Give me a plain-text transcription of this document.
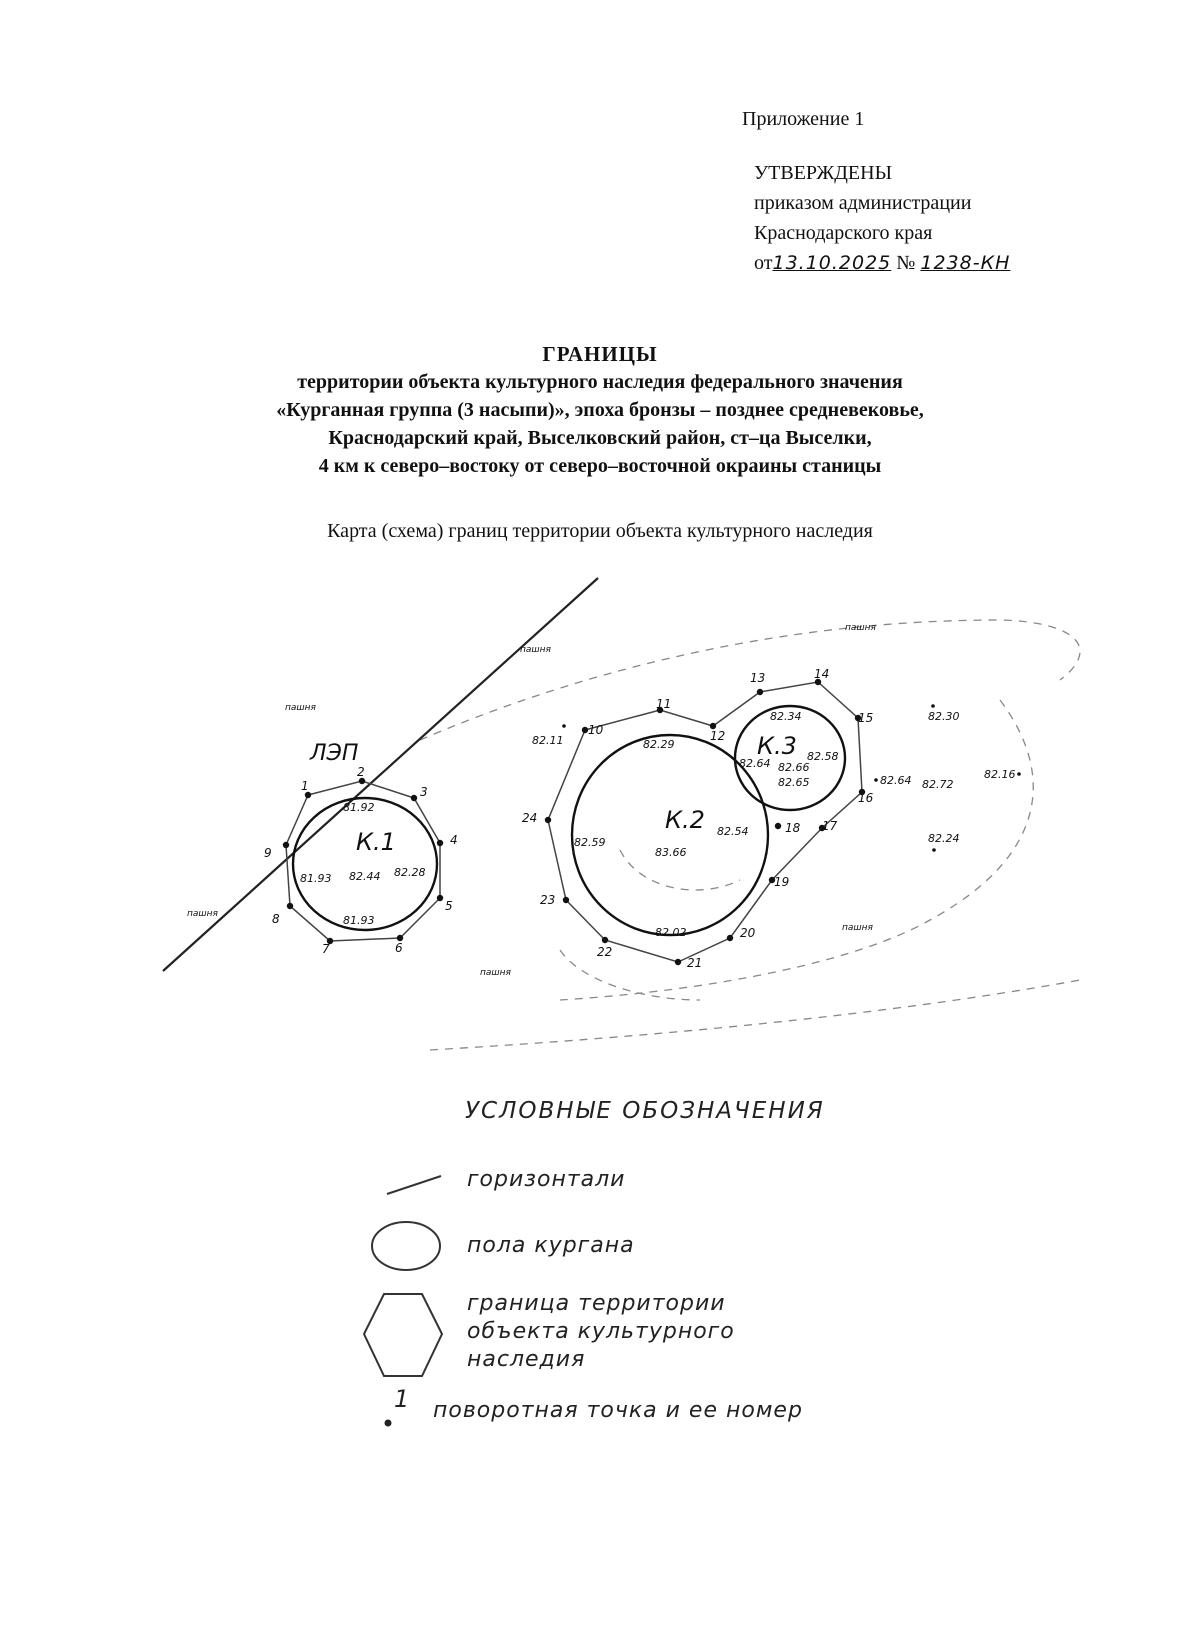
Приложение 1
УТВЕРЖДЕНЫ
приказом администрации
Краснодарского края
от13.10.2025 № 1238-КН
ГРАНИЦЫ
территории объекта культурного наследия федерального значения
«Курганная группа (3 насыпи)», эпоха бронзы – позднее средневековье,
Краснодарский край, Выселковский район, ст–ца Выселки,
4 км к северо–востоку от северо–восточной окраины станицы
Карта (схема) границ территории объекта культурного наследия
ЛЭП
пашня
пашня
пашня
пашня
пашня
пашня
К.1
82.44
81.92
81.93	82.28
81.93
К.2
83.66
82.29
82.59
82.54
82.02
К.3
82.66
82.34
82.58
82.64
82.65
82.11
82.30
82.64 82.72
82.16
82.24
1
2
3
4
5
6
7
8
9
10
11
12
13	14
15
16
17
18
19
20
21
22
23
24
УСЛОВНЫЕ ОБОЗНАЧЕНИЯ
горизонтали
пола кургана
граница территории объекта культурного наследия
1 поворотная точка и ее номер
